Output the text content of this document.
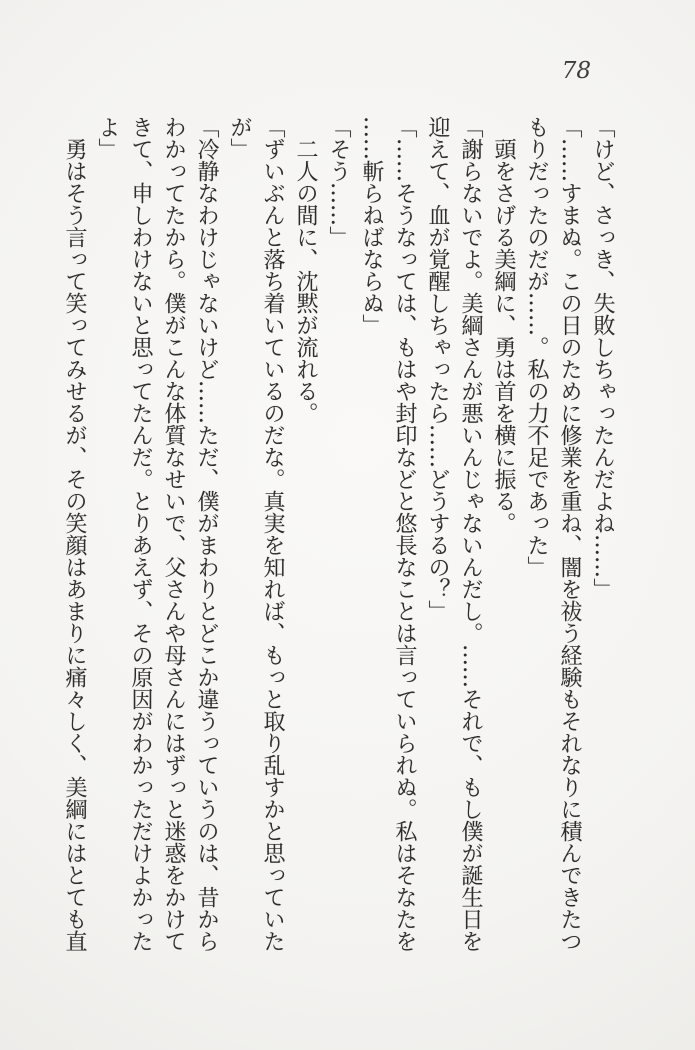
78

「けど、さっき、失敗しちゃったんだよね……」

「……すまぬ。この日のために修業を重ね、闇を祓う経験もそれなりに積んできたつ

もりだったのだが……。私の力不足であった」

頭をさげる美綱に、勇は首を横に振る。

「謝らないでよ。美綱さんが悪いんじゃないんだし。……それで、もし僕が誕生日を

迎えて、血が覚醒しちゃったら……どうするの？」

「……そうなっては、もはや封印などと悠長なことは言っていられぬ。私はそなたを

……斬らねばならぬ」

「そう……」

二人の間に、沈黙が流れる。

「ずいぶんと落ち着いているのだな。真実を知れば、もっと取り乱すかと思っていた

が」

「冷静なわけじゃないけど……ただ、僕がまわりとどこか違うっていうのは、昔から

わかってたから。僕がこんな体質なせいで、父さんや母さんにはずっと迷惑をかけて

きて、申しわけないと思ってたんだ。とりあえず、その原因がわかっただけよかった

よ」

勇はそう言って笑ってみせるが、その笑顔はあまりに痛々しく、美綱にはとても直
